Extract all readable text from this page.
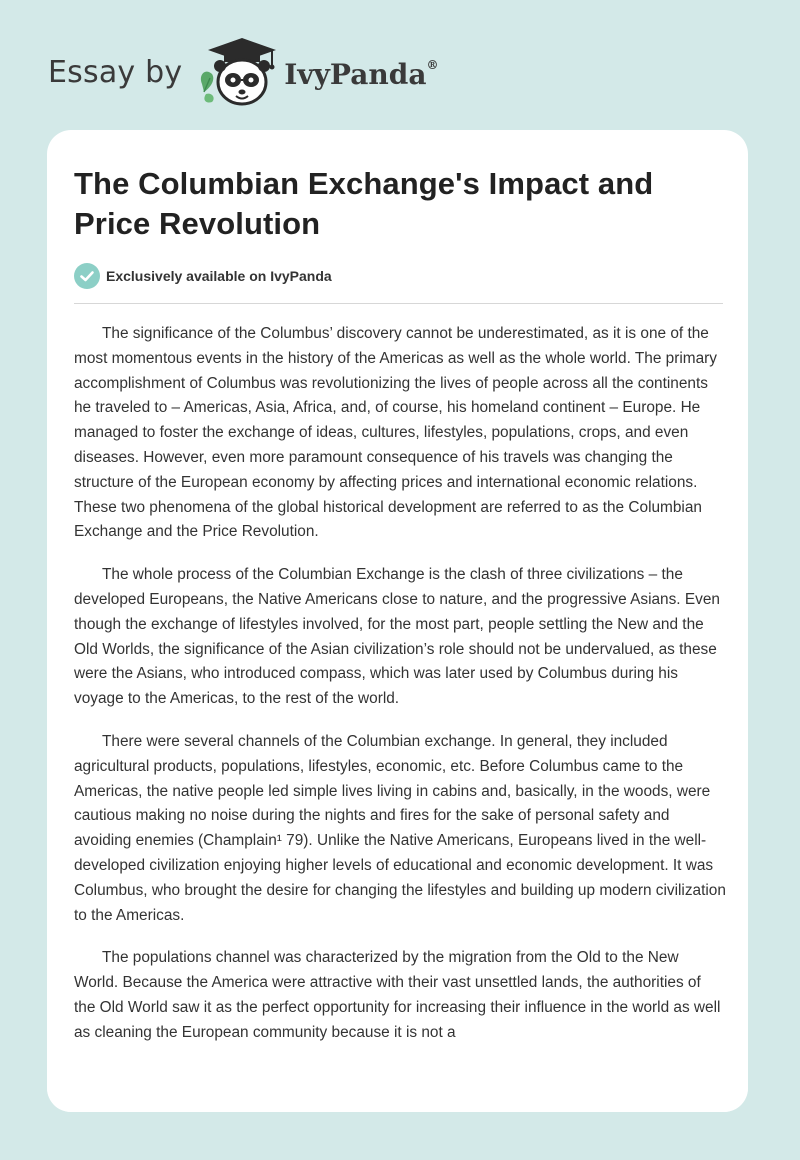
Essay by	IvyPanda®
The Columbian Exchange's Impact and Price Revolution
Exclusively available on IvyPanda

The significance of the Columbus’ discovery cannot be underestimated, as it is one of the most momentous events in the history of the Americas as well as the whole world. The primary accomplishment of Columbus was revolutionizing the lives of people across all the continents he traveled to – Americas, Asia, Africa, and, of course, his homeland continent – Europe. He managed to foster the exchange of ideas, cultures, lifestyles, populations, crops, and even diseases. However, even more paramount consequence of his travels was changing the structure of the European economy by affecting prices and international economic relations. These two phenomena of the global historical development are referred to as the Columbian Exchange and the Price Revolution.

The whole process of the Columbian Exchange is the clash of three civilizations – the developed Europeans, the Native Americans close to nature, and the progressive Asians. Even though the exchange of lifestyles involved, for the most part, people settling the New and the Old Worlds, the significance of the Asian civilization’s role should not be undervalued, as these were the Asians, who introduced compass, which was later used by Columbus during his voyage to the Americas, to the rest of the world.

There were several channels of the Columbian exchange. In general, they included agricultural products, populations, lifestyles, economic, etc. Before Columbus came to the Americas, the native people led simple lives living in cabins and, basically, in the woods, were cautious making no noise during the nights and fires for the sake of personal safety and avoiding enemies (Champlain¹ 79). Unlike the Native Americans, Europeans lived in the well-developed civilization enjoying higher levels of educational and economic development. It was Columbus, who brought the desire for changing the lifestyles and building up modern civilization to the Americas.

The populations channel was characterized by the migration from the Old to the New World. Because the America were attractive with their vast unsettled lands, the authorities of the Old World saw it as the perfect opportunity for increasing their influence in the world as well as cleaning the European community because it is not a
